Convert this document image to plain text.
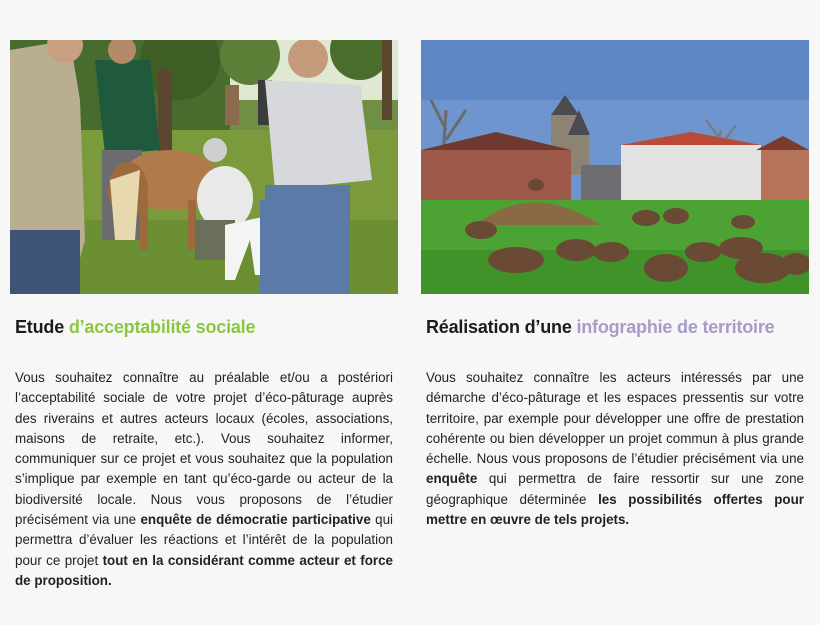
Etude d’acceptabilité sociale
Vous souhaitez connaître au préalable et/ou a postériori l’acceptabilité sociale de votre projet d’éco-pâturage auprès des riverains et autres acteurs locaux (écoles, associations, maisons de retraite, etc.). Vous souhaitez informer, communiquer sur ce projet et vous souhaitez que la population s’implique par exemple en tant qu’éco-garde ou acteur de la biodiversité locale. Nous vous proposons de l’étudier précisément via une enquête de démocratie participative qui permettra d’évaluer les réactions et l’intérêt de la population pour ce projet tout en la considérant comme acteur et force de proposition.
Réalisation d’une infographie de territoire
Vous souhaitez connaître les acteurs intéressés par une démarche d’éco-pâturage et les espaces pressentis sur votre territoire, par exemple pour développer une offre de prestation cohérente ou bien développer un projet commun à plus grande échelle. Nous vous proposons de l’étudier précisément via une enquête qui permettra de faire ressortir sur une zone géographique déterminée les possibilités offertes pour mettre en œuvre de tels projets.
